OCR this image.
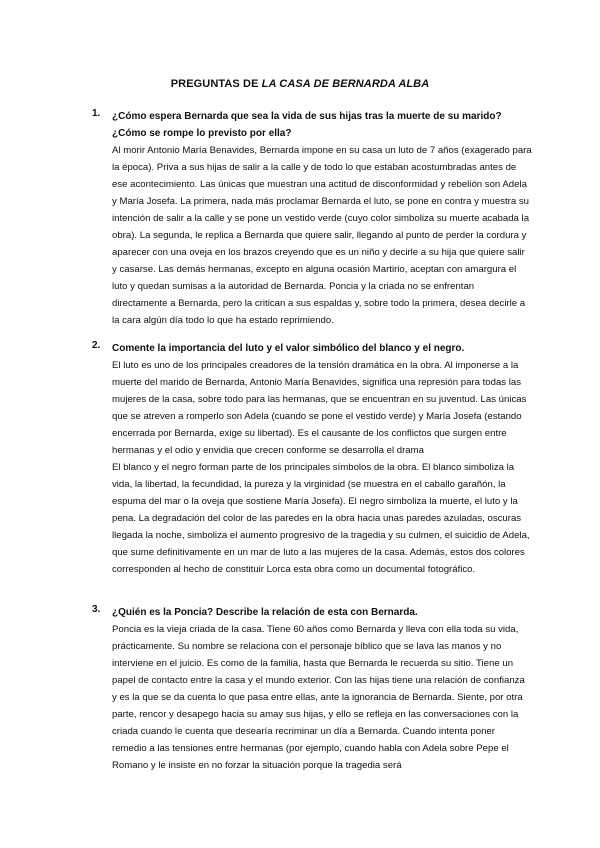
PREGUNTAS DE LA CASA DE BERNARDA ALBA
1. ¿Cómo espera Bernarda que sea la vida de sus hijas tras la muerte de su marido? ¿Cómo se rompe lo previsto por ella?

Al morir Antonio María Benavides, Bernarda impone en su casa un luto de 7 años (exagerado para la época). Priva a sus hijas de salir a la calle y de todo lo que estaban acostumbradas antes de ese acontecimiento. Las únicas que muestran una actitud de disconformidad y rebelión son Adela y María Josefa. La primera, nada más proclamar Bernarda el luto, se pone en contra y muestra su intención de salir a la calle y se pone un vestido verde (cuyo color simboliza su muerte acabada la obra). La segunda, le replica a Bernarda que quiere salir, llegando al punto de perder la cordura y aparecer con una oveja en los brazos creyendo que es un niño y decirle a su hija que quiere salir y casarse. Las demás hermanas, excepto en alguna ocasión Martirio, aceptan con amargura el luto y quedan sumisas a la autoridad de Bernarda. Poncia y la criada no se enfrentan directamente a Bernarda, pero la critican a sus espaldas y, sobre todo la primera, desea decirle a la cara algún día todo lo que ha estado reprimiendo.

2. Comente la importancia del luto y el valor simbólico del blanco y el negro.

El luto es uno de los principales creadores de la tensión dramática en la obra. Al imponerse a la muerte del marido de Bernarda, Antonio María Benavides, significa una represión para todas las mujeres de la casa, sobre todo para las hermanas, que se encuentran en su juventud. Las únicas que se atreven a romperlo son Adela (cuando se pone el vestido verde) y María Josefa (estando encerrada por Bernarda, exige su libertad). Es el causante de los conflictos que surgen entre hermanas y el odio y envidia que crecen conforme se desarrolla el drama

El blanco y el negro forman parte de los principales símbolos de la obra. El blanco simboliza la vida, la libertad, la fecundidad, la pureza y la virginidad (se muestra en el caballo garañón, la espuma del mar o la oveja que sostiene María Josefa). El negro simboliza la muerte, el luto y la pena. La degradación del color de las paredes en la obra hacia unas paredes azuladas, oscuras llegada la noche, simboliza el aumento progresivo de la tragedia y su culmen, el suicidio de Adela, que sume definitivamente en un mar de luto a las mujeres de la casa. Además, estos dos colores corresponden al hecho de constituir Lorca esta obra como un documental fotográfico.

3. ¿Quién es la Poncia? Describe la relación de esta con Bernarda.

Poncia es la vieja criada de la casa. Tiene 60 años como Bernarda y lleva con ella toda su vida, prácticamente. Su nombre se relaciona con el personaje bíblico que se lava las manos y no interviene en el juicio. Es como de la familia, hasta que Bernarda le recuerda su sitio. Tiene un papel de contacto entre la casa y el mundo exterior. Con las hijas tiene una relación de confianza y es la que se da cuenta lo que pasa entre ellas, ante la ignorancia de Bernarda. Siente, por otra parte, rencor y desapego hacia su amay sus hijas, y ello se refleja en las conversaciones con la criada cuando le cuenta que desearía recriminar un día a Bernarda. Cuando intenta poner remedio a las tensiones entre hermanas (por ejemplo, cuando habla con Adela sobre Pepe el Romano y le insiste en no forzar la situación porque la tragedia será
